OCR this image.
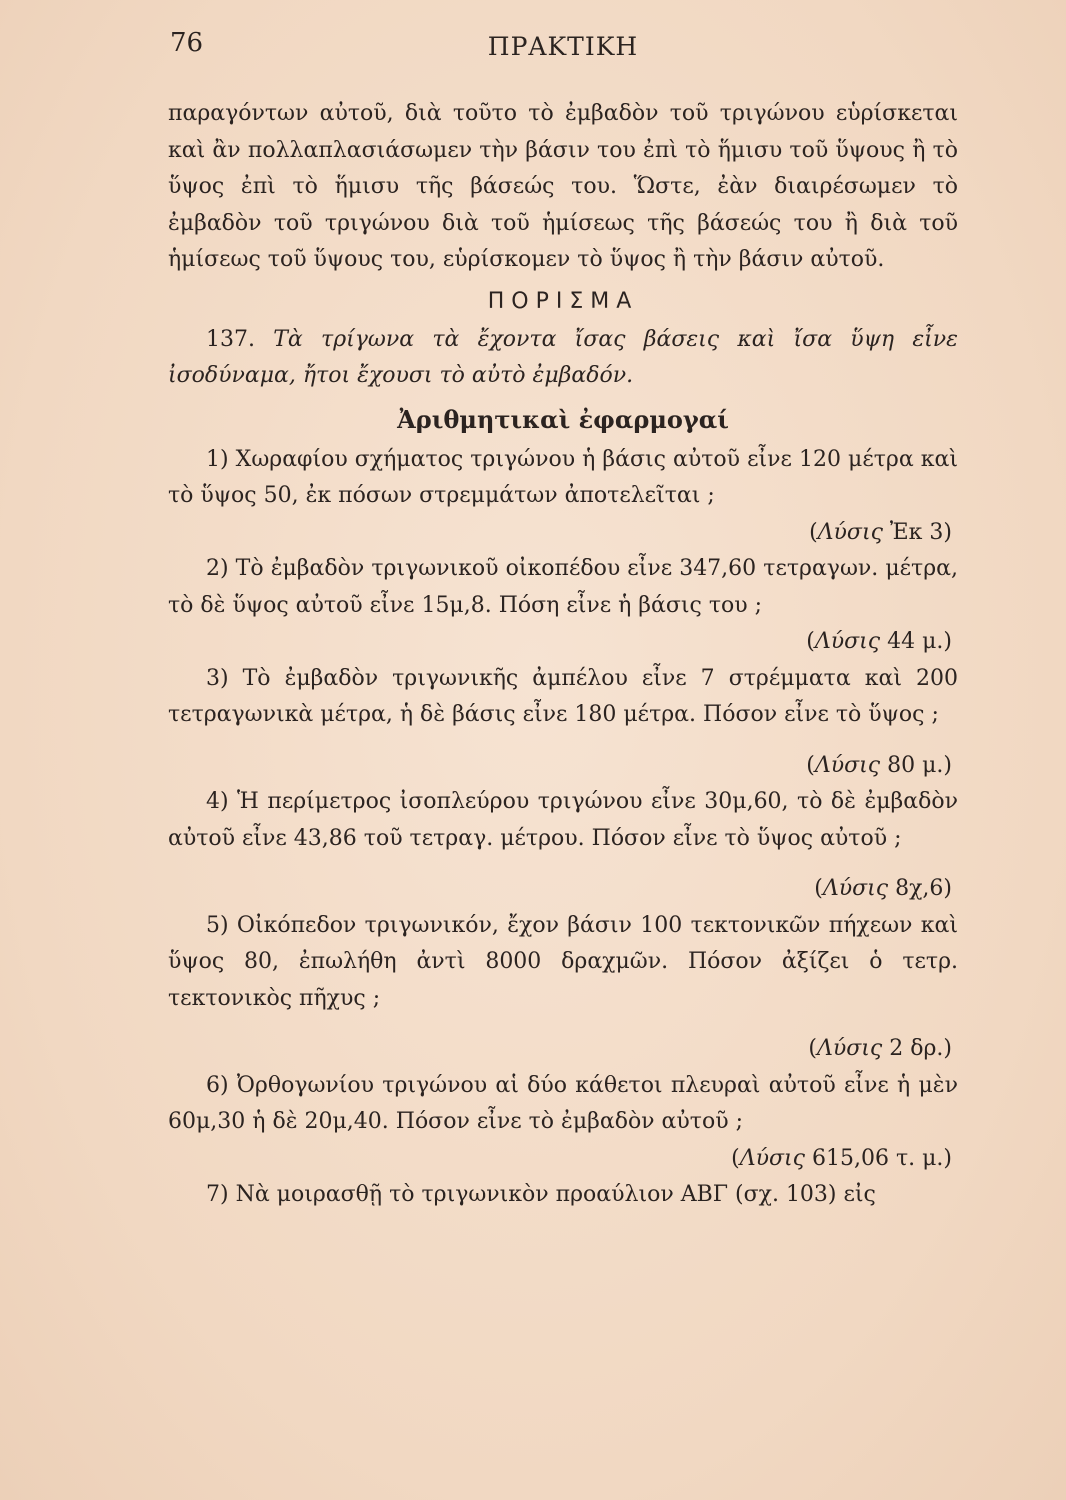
76	ΠΡΑΚΤΙΚΗ

παραγόντων αὐτοῦ, διὰ τοῦτο τὸ ἐμβαδὸν τοῦ τριγώνου εὑρίσκεται καὶ ἂν πολλαπλασιάσωμεν τὴν βάσιν του ἐπὶ τὸ ἥμισυ τοῦ ὕψους ἢ τὸ ὕψος ἐπὶ τὸ ἥμισυ τῆς βάσεώς του. Ὥστε, ἐὰν διαιρέσωμεν τὸ ἐμβαδὸν τοῦ τριγώνου διὰ τοῦ ἡμίσεως τῆς βάσεώς του ἢ διὰ τοῦ ἡμίσεως τοῦ ὕψους του, εὑρίσκομεν τὸ ὕψος ἢ τὴν βάσιν αὐτοῦ.

ΠΟΡΙΣΜΑ

137. Τὰ τρίγωνα τὰ ἔχοντα ἴσας βάσεις καὶ ἴσα ὕψη εἶνε ἰσοδύναμα, ἤτοι ἔχουσι τὸ αὐτὸ ἐμβαδόν.

Ἀριθμητικαὶ ἐφαρμογαί

1) Χωραφίου σχήματος τριγώνου ἡ βάσις αὐτοῦ εἶνε 120 μέτρα καὶ τὸ ὕψος 50, ἐκ πόσων στρεμμάτων ἀποτελεῖται ;

(Λύσις Ἐκ 3)

2) Τὸ ἐμβαδὸν τριγωνικοῦ οἰκοπέδου εἶνε 347,60 τετραγων. μέτρα, τὸ δὲ ὕψος αὐτοῦ εἶνε 15μ,8. Πόση εἶνε ἡ βάσις του ;

(Λύσις 44 μ.)

3) Τὸ ἐμβαδὸν τριγωνικῆς ἀμπέλου εἶνε 7 στρέμματα καὶ 200 τετραγωνικὰ μέτρα, ἡ δὲ βάσις εἶνε 180 μέτρα. Πόσον εἶνε τὸ ὕψος ;

(Λύσις 80 μ.)

4) Ἡ περίμετρος ἰσοπλεύρου τριγώνου εἶνε 30μ,60, τὸ δὲ ἐμβαδὸν αὐτοῦ εἶνε 43,86 τοῦ τετραγ. μέτρου. Πόσον εἶνε τὸ ὕψος αὐτοῦ ;

(Λύσις 8χ,6)

5) Οἰκόπεδον τριγωνικόν, ἔχον βάσιν 100 τεκτονικῶν πήχεων καὶ ὕψος 80, ἐπωλήθη ἀντὶ 8000 δραχμῶν. Πόσον ἀξίζει ὁ τετρ. τεκτονικὸς πῆχυς ;

(Λύσις 2 δρ.)

6) Ὀρθογωνίου τριγώνου αἱ δύο κάθετοι πλευραὶ αὐτοῦ εἶνε ἡ μὲν 60μ,30 ἡ δὲ 20μ,40. Πόσον εἶνε τὸ ἐμβαδὸν αὐτοῦ ;

(Λύσις 615,06 τ. μ.)

7) Νὰ μοιρασθῇ τὸ τριγωνικὸν προαύλιον ΑΒΓ (σχ. 103) εἰς
